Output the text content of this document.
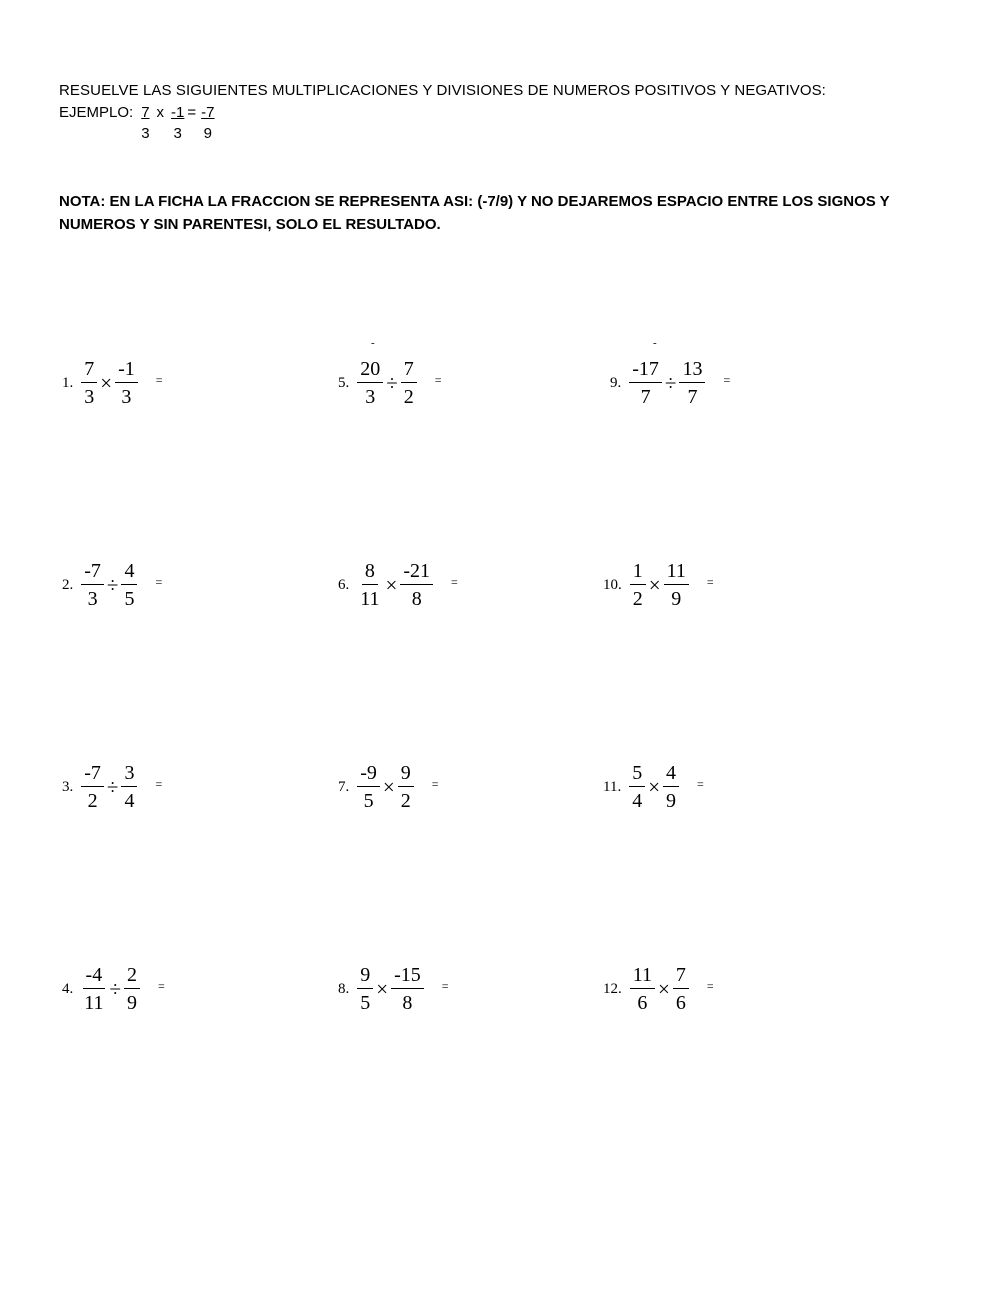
RESUELVE LAS SIGUIENTES MULTIPLICACIONES Y DIVISIONES DE NUMEROS POSITIVOS Y NEGATIVOS:
EJEMPLO: $\frac{7}{3}$ x $\frac{-1}{3} = \frac{-7}{9}$
NOTA: EN LA FICHA LA FRACCION SE REPRESENTA ASI: (-7/9) Y NO DEJAREMOS ESPACIO ENTRE LOS SIGNOS Y NUMEROS Y SIN PARENTESI, SOLO EL RESULTADO.
1. $\frac{7}{3} \times \frac{-1}{3}$ =
2. $\frac{-7}{3} \div \frac{4}{5}$ =
3. $\frac{-7}{2} \div \frac{3}{4}$ =
4. $\frac{-4}{11} \div \frac{2}{9}$ =
-
5. $\frac{20}{3} \div \frac{7}{2}$ =
6. $\frac{8}{11} \times \frac{-21}{8}$ =
7. $\frac{-9}{5} \times \frac{9}{2}$ =
8. $\frac{9}{5} \times \frac{-15}{8}$ =
-
9. $\frac{-17}{7} \div \frac{13}{7}$ =
10. $\frac{1}{2} \times \frac{11}{9}$ =
11. $\frac{5}{4} \times \frac{4}{9}$ =
12. $\frac{11}{6} \times \frac{7}{6}$ =
